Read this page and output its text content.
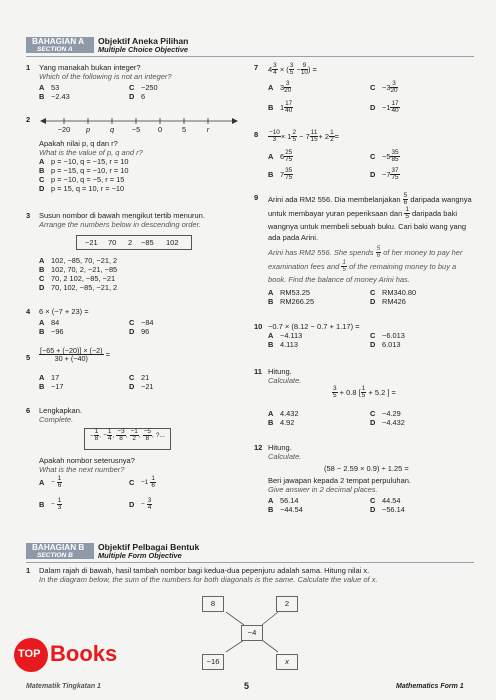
BAHAGIAN A
SECTION A
Objektif Aneka Pilihan
Multiple Choice Objective
1 Yang manakah bukan integer?
Which of the following is not an integer?
A 53
B −2.43
C −250
D 6
2
−20 p	q −5 0	5	r
Apakah nilai p, q dan r?
What is the value of p, q and r?
A p = −10, q = −15, r = 10
B p = −15, q = −10, r = 10
C p = −10, q = −5, r = 15
D p = 15, q = 10, r = −10
3 Susun nombor di bawah mengikut tertib menurun.
Arrange the numbers below in descending order.
−21 70 2 −85 102
A 102, −85, 70, −21, 2
B 102, 70, 2, −21, −85
C 70, 2 102, −85, −21
D 70, 102, −85, −21, 2
4 6 × (−7 + 23) =
A 84
B −96
C −84
D 96
$5 \frac{[-65 + (-20)] \times (-2)}{30 + (-40)}$ =
A 17
B −17
C 21
D −21
6 Lengkapkan.
Complete.
− $\frac{1}{8}$ , − $\frac{1}{4}$ , $\frac{-3}{8}$ , $\frac{-1}{2}$ , $\frac{-5}{8}$ , ?...
Apakah nombor seterusnya?
What is the next number?
$A - \frac{1}{6}$
$B - \frac{1}{3}$
$C -1 \frac{1}{6}$
$D - \frac{3}{4}$
7 $4 \frac{3}{4}$ × ( $\frac{3}{5} - \frac{9}{10}$ ) =
A $3 \frac{3}{20}$
B $1 \frac{17}{40}$
$C -3 \frac{3}{20}$
$D -1 \frac{17}{40}$
$8 \frac{-10}{3} \times 1 \frac{2}{5} - 7 \frac{11}{15} + 2 \frac{1}{2}$ =
A $6 \frac{25}{75}$
B $7 \frac{35}{75}$
$C -5 \frac{35}{85}$
$D -7 \frac{37}{75}$
9 Arini ada RM2 556. Dia membelanjakan $\frac{5}{6}$ daripada wangnya untuk membayar yuran peperiksaan dan $\frac{1}{5}$ daripada baki wangnya untuk membeli sebuah buku. Cari baki wang yang ada pada Arini.
Arini has RM2 556. She spends $\frac{5}{6}$ of her money to pay her examination fees and $\frac{1}{5}$ of the remaining money to buy a book. Find the balance of money Arini has.
A RM53.25
B RM266.25
C RM340.80
D RM426
10 −0.7 × (8.12 − 0.7 + 1.17) =
A −4.113
B 4.113
C −6.013
D 6.013
11 Hitung.
Calculate.
$\frac{3}{5} + 0.8$ [ $\frac{1}{5} + 5.2$ ] =
A 4.432
B 4.92
C −4.29
D −4.432
12 Hitung.
Calculate.
(58 − 2.59 × 0.9) ÷ 1.25 =
Beri jawapan kepada 2 tempat perpuluhan.
Give answer in 2 decimal places.
A 56.14
B −44.54
C 44.54
D −56.14
BAHAGIAN B
SECTION B
Objektif Pelbagai Bentuk
Multiple Form Objective
1 Dalam rajah di bawah, hasil tambah nombor bagi kedua-dua pepenjuru adalah sama. Hitung nilai x.
In the diagram below, the sum of the numbers for both diagonals is the same. Calculate the value of x.
8	2
−4
−16	x
TOP Books
Matematik Tingkatan 1	5	Mathematics Form 1
